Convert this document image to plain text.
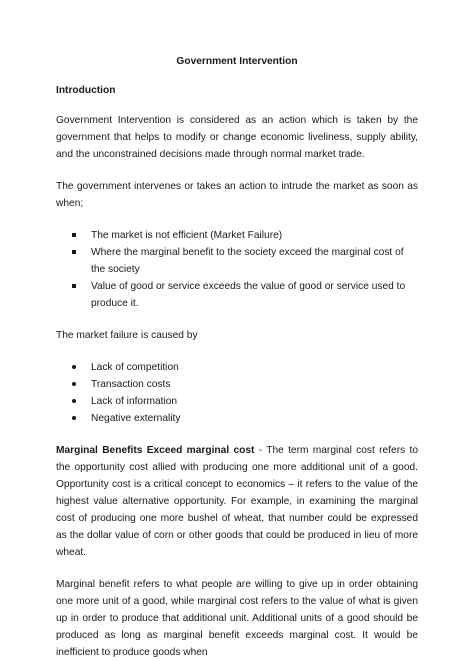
Government Intervention
Introduction

Government Intervention is considered as an action which is taken by the government that helps to modify or change economic liveliness, supply ability, and the unconstrained decisions made through normal market trade.

The government intervenes or takes an action to intrude the market as soon as when;

The market is not efficient (Market Failure)
Where the marginal benefit to the society exceed the marginal cost of the society
Value of good or service exceeds the value of good or service used to produce it.

The market failure is caused by

Lack of competition
Transaction costs
Lack of information
Negative externality

Marginal Benefits Exceed marginal cost - The term marginal cost refers to the opportunity cost allied with producing one more additional unit of a good. Opportunity cost is a critical concept to economics – it refers to the value of the highest value alternative opportunity. For example, in examining the marginal cost of producing one more bushel of wheat, that number could be expressed as the dollar value of corn or other goods that could be produced in lieu of more wheat.

Marginal benefit refers to what people are willing to give up in order obtaining one more unit of a good, while marginal cost refers to the value of what is given up in order to produce that additional unit. Additional units of a good should be produced as long as marginal benefit exceeds marginal cost. It would be inefficient to produce goods when
